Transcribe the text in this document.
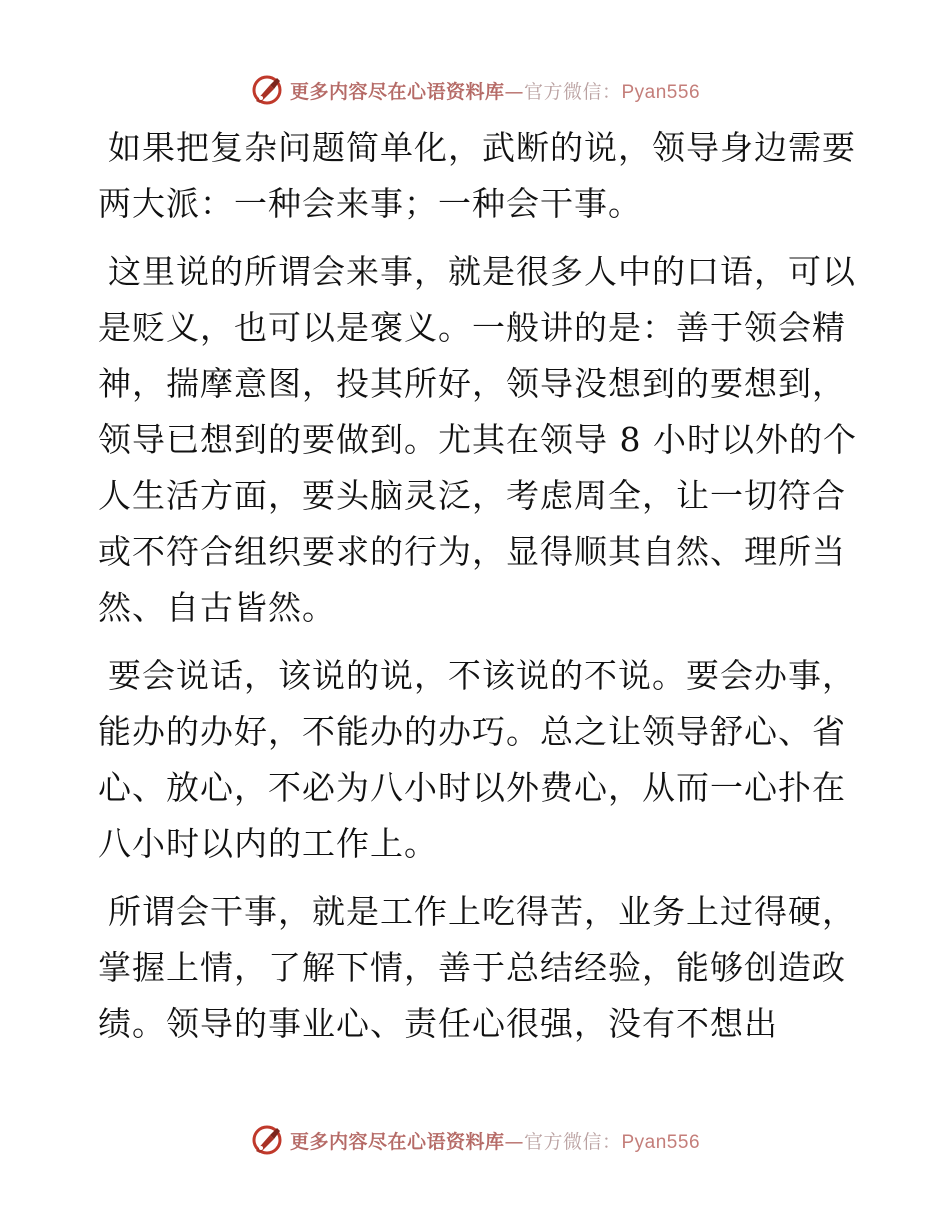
更多内容尽在心语资料库—官方微信：Pyan556

如果把复杂问题简单化，武断的说，领导身边需要两大派：一种会来事；一种会干事。

这里说的所谓会来事，就是很多人中的口语，可以是贬义，也可以是褒义。一般讲的是：善于领会精神，揣摩意图，投其所好，领导没想到的要想到，领导已想到的要做到。尤其在领导 8 小时以外的个人生活方面，要头脑灵泛，考虑周全，让一切符合或不符合组织要求的行为，显得顺其自然、理所当然、自古皆然。

要会说话，该说的说，不该说的不说。要会办事，能办的办好，不能办的办巧。总之让领导舒心、省心、放心，不必为八小时以外费心，从而一心扑在八小时以内的工作上。

所谓会干事，就是工作上吃得苦，业务上过得硬，掌握上情，了解下情，善于总结经验，能够创造政绩。领导的事业心、责任心很强，没有不想出

更多内容尽在心语资料库—官方微信：Pyan556
